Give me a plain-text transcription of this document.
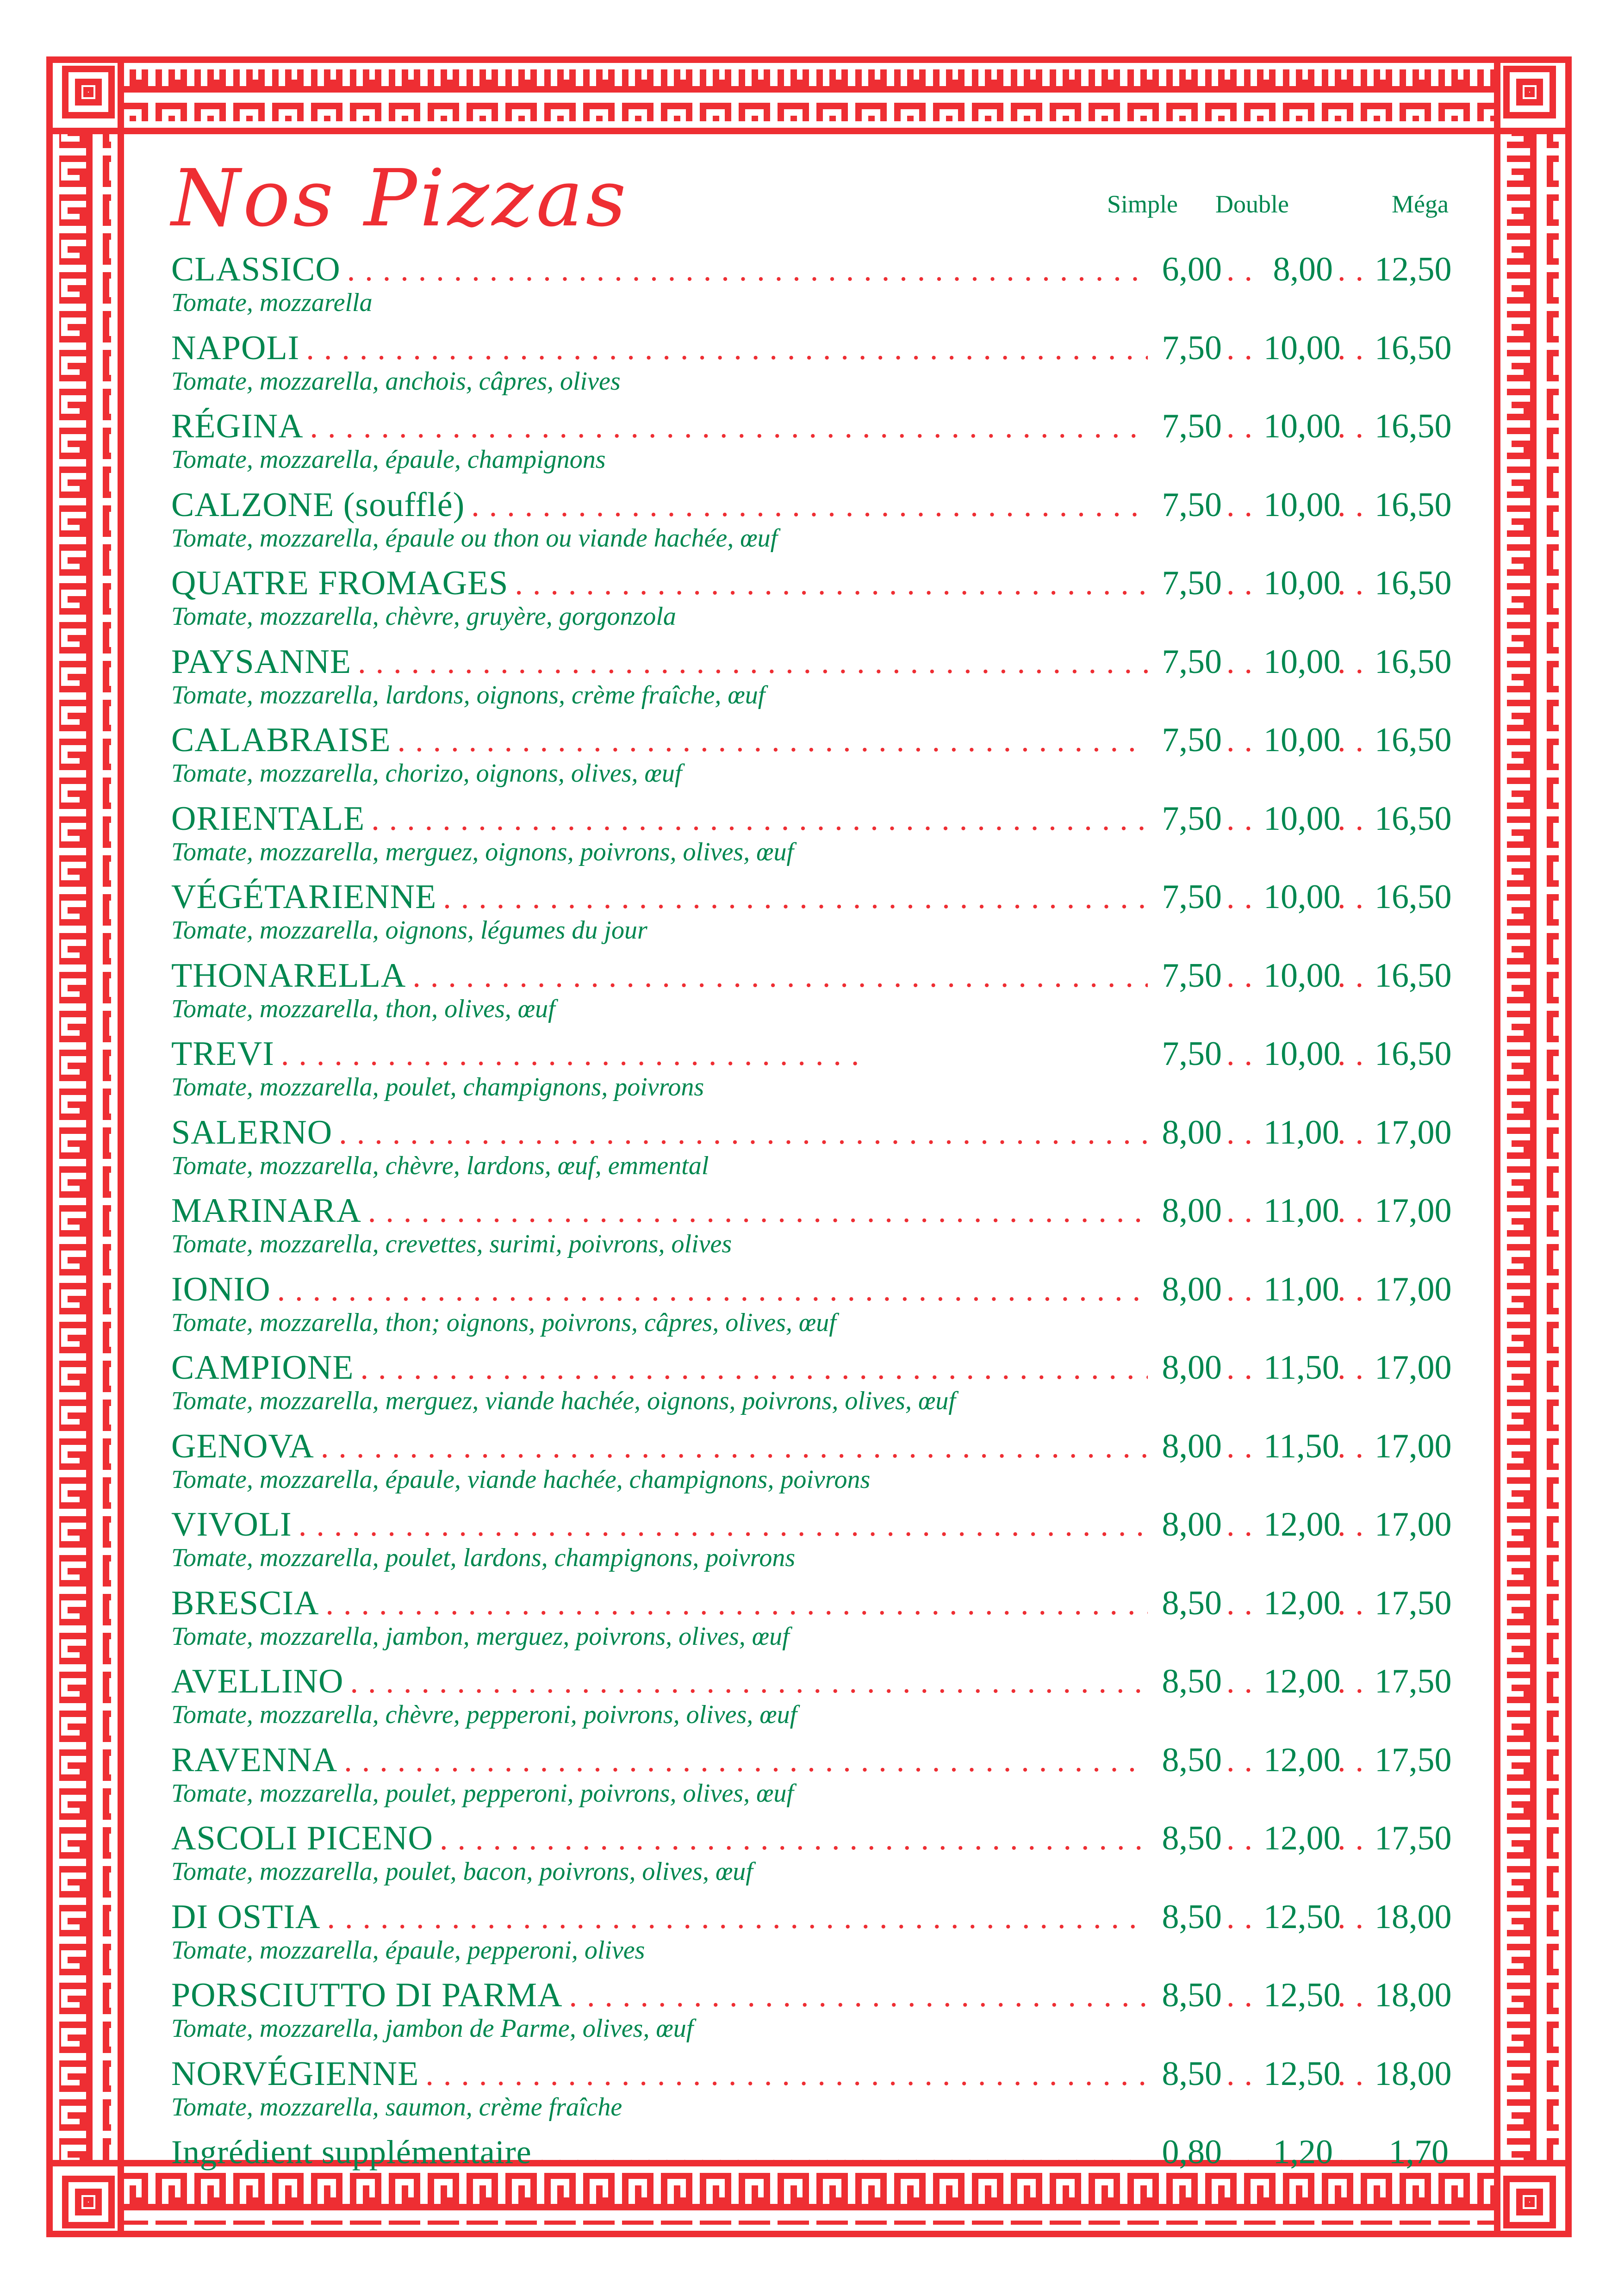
Nos Pizzas	Simple Double	Méga
CLASSICO .....	6,00 .... 8,00 .... 12,50
Tomate, mozzarella
NAPOLI .....	7,50 .... 10,00 .... 16,50
Tomate, mozzarella, anchois, câpres, olives
RÉGINA .....	7,50 .... 10,00 .... 16,50
Tomate, mozzarella, épaule, champignons
CALZONE (soufflé) .....	7,50 .... 10,00 .... 16,50
Tomate, mozzarella, épaule ou thon ou viande hachée, œuf
QUATRE FROMAGES .....	7,50 .... 10,00 .... 16,50
Tomate, mozzarella, chèvre, gruyère, gorgonzola
PAYSANNE .....	7,50 .... 10,00 .... 16,50
Tomate, mozzarella, lardons, oignons, crème fraîche, œuf
CALABRAISE .....	7,50 .... 10,00 .... 16,50
Tomate, mozzarella, chorizo, oignons, olives, œuf
ORIENTALE .....	7,50 .... 10,00 .... 16,50
Tomate, mozzarella, merguez, oignons, poivrons, olives, œuf
VÉGÉTARIENNE .....	7,50 .... 10,00 .... 16,50
Tomate, mozzarella, oignons, légumes du jour
THONARELLA .....	7,50 .... 10,00 .... 16,50
Tomate, mozzarella, thon, olives, œuf
TREVI .....	7,50 .... 10,00 .... 16,50
Tomate, mozzarella, poulet, champignons, poivrons
SALERNO .....	8,00 .... 11,00 .... 17,00
Tomate, mozzarella, chèvre, lardons, œuf, emmental
MARINARA .....	8,00 .... 11,00 .... 17,00
Tomate, mozzarella, crevettes, surimi, poivrons, olives
IONIO .....	8,00 .... 11,00 .... 17,00
Tomate, mozzarella, thon; oignons, poivrons, câpres, olives, œuf
CAMPIONE .....	8,00 .... 11,50 .... 17,00
Tomate, mozzarella, merguez, viande hachée, oignons, poivrons, olives, œuf
GENOVA .....	8,00 .... 11,50 .... 17,00
Tomate, mozzarella, épaule, viande hachée, champignons, poivrons
VIVOLI .....	8,00 .... 12,00 .... 17,00
Tomate, mozzarella, poulet, lardons, champignons, poivrons
BRESCIA .....	8,50 .... 12,00 .... 17,50
Tomate, mozzarella, jambon, merguez, poivrons, olives, œuf
AVELLINO .....	8,50 .... 12,00 .... 17,50
Tomate, mozzarella, chèvre, pepperoni, poivrons, olives, œuf
RAVENNA .....	8,50 .... 12,00 .... 17,50
Tomate, mozzarella, poulet, pepperoni, poivrons, olives, œuf
ASCOLI PICENO .....	8,50 .... 12,00 .... 17,50
Tomate, mozzarella, poulet, bacon, poivrons, olives, œuf
DI OSTIA .....	8,50 .... 12,50 .... 18,00
Tomate, mozzarella, épaule, pepperoni, olives
PORSCIUTTO DI PARMA .....	8,50 .... 12,50 .... 18,00
Tomate, mozzarella, jambon de Parme, olives, œuf
NORVÉGIENNE .....	8,50 .... 12,50 .... 18,00
Tomate, mozzarella, saumon, crème fraîche
Ingrédient supplémentaire .....	0,80 .... 1,20 ....	1,70
